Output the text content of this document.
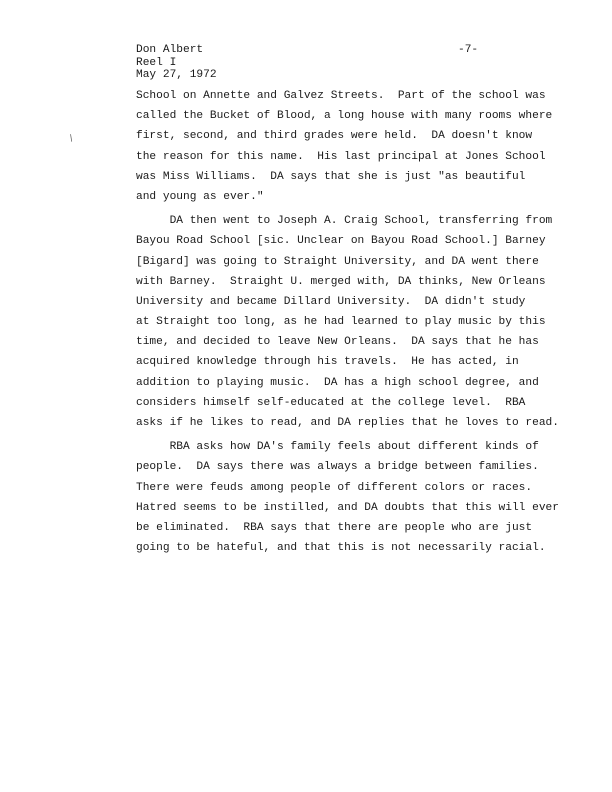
Don Albert
Reel I
May 27, 1972
-7-
\
School on Annette and Galvez Streets.  Part of the school was
called the Bucket of Blood, a long house with many rooms where
first, second, and third grades were held.  DA doesn't know
the reason for this name.  His last principal at Jones School
was Miss Williams.  DA says that she is just "as beautiful
and young as ever."
DA then went to Joseph A. Craig School, transferring from
Bayou Road School [sic. Unclear on Bayou Road School.] Barney
[Bigard] was going to Straight University, and DA went there
with Barney.  Straight U. merged with, DA thinks, New Orleans
University and became Dillard University.  DA didn't study
at Straight too long, as he had learned to play music by this
time, and decided to leave New Orleans.  DA says that he has
acquired knowledge through his travels.  He has acted, in
addition to playing music.  DA has a high school degree, and
considers himself self-educated at the college level.  RBA
asks if he likes to read, and DA replies that he loves to read.
RBA asks how DA's family feels about different kinds of
people.  DA says there was always a bridge between families.
There were feuds among people of different colors or races.
Hatred seems to be instilled, and DA doubts that this will ever
be eliminated.  RBA says that there are people who are just
going to be hateful, and that this is not necessarily racial.
